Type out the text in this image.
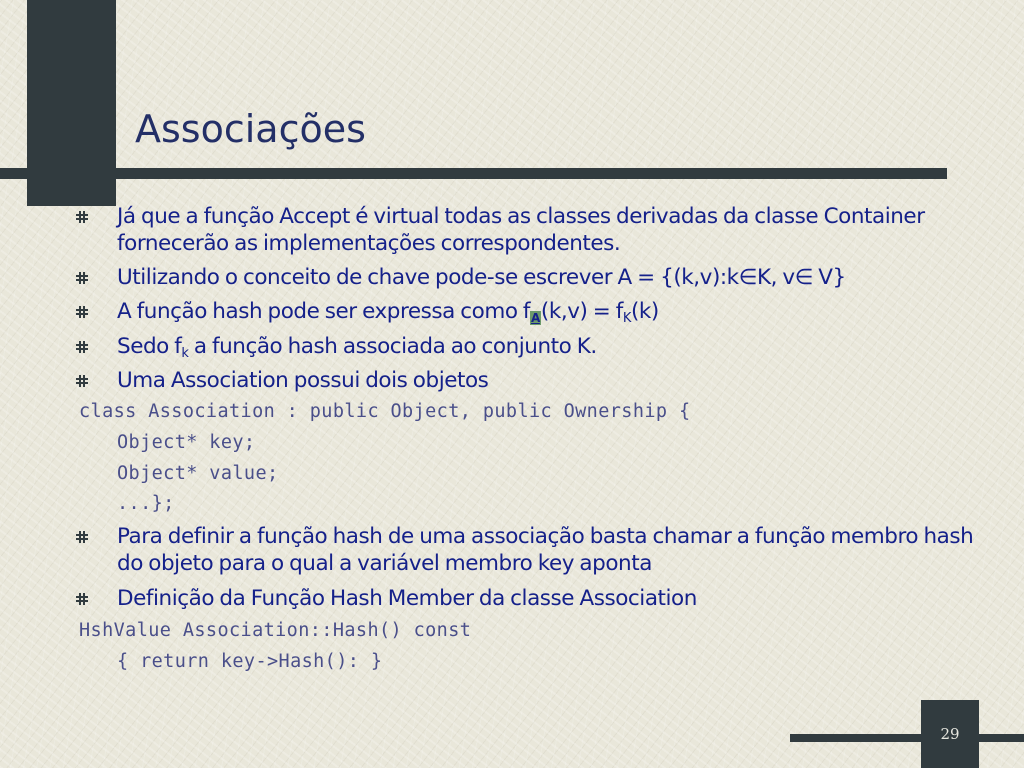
Associações
Já que a função Accept é virtual todas as classes derivadas da classe Container fornecerão as implementações correspondentes.
Utilizando o conceito de chave pode-se escrever A = {(k,v):k∈K, v∈ V}
A função hash pode ser expressa como $f_A(k,v) = f_K(k)$
Sedo $f_k$ a função hash associada ao conjunto K.
Uma Association possui dois objetos
class Association : public Object, public Ownership {
Object* key;
Object* value;
...};
Para definir a função hash de uma associação basta chamar a função membro hash do objeto para o qual a variável membro key aponta
Definição da Função Hash Member da classe Association
HshValue Association::Hash() const
{ return key->Hash(): }
29
